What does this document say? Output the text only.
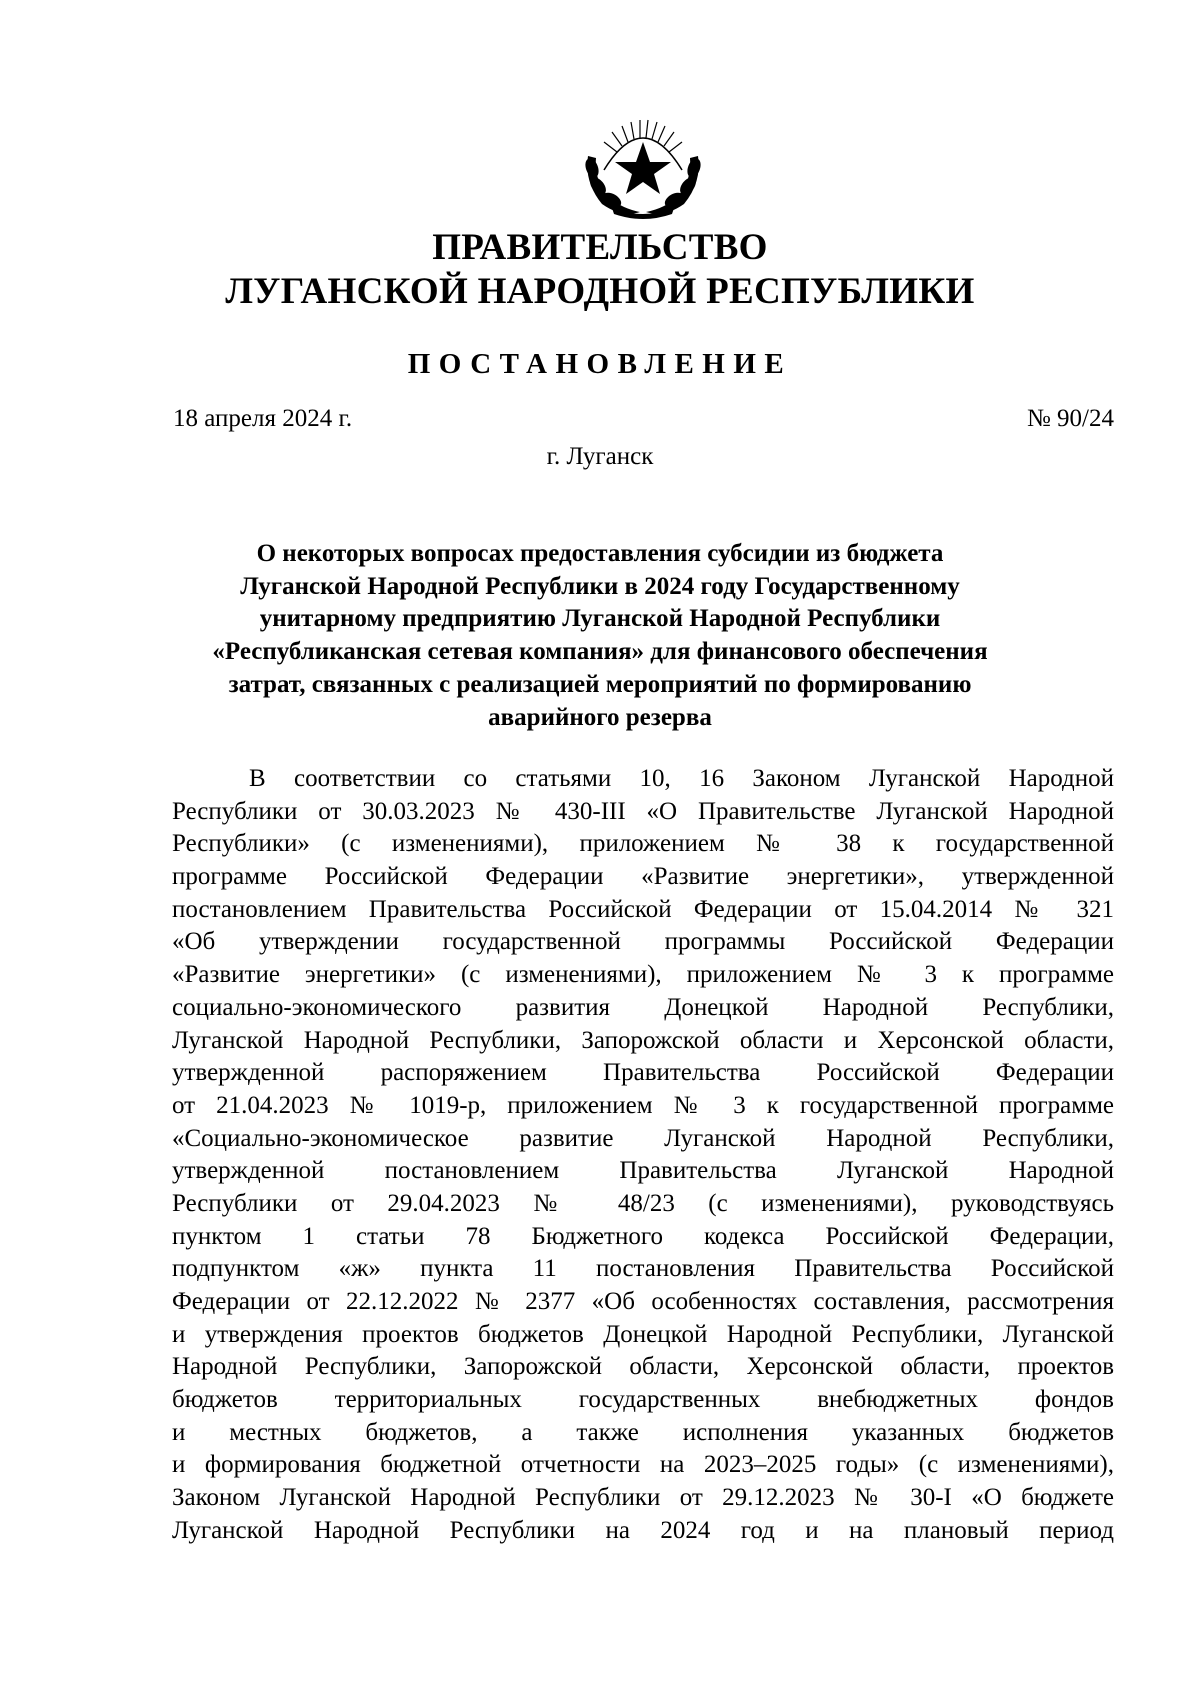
ПРАВИТЕЛЬСТВО
ЛУГАНСКОЙ НАРОДНОЙ РЕСПУБЛИКИ
ПОСТАНОВЛЕНИЕ
18 апреля 2024 г.	№ 90/24
г. Луганск
О некоторых вопросах предоставления субсидии из бюджета
Луганской Народной Республики в 2024 году Государственному
унитарному предприятию Луганской Народной Республики
«Республиканская сетевая компания» для финансового обеспечения
затрат, связанных с реализацией мероприятий по формированию
аварийного резерва
В соответствии со статьями 10, 16 Законом Луганской Народной
Республики от 30.03.2023 № 430-III «О Правительстве Луганской Народной
Республики» (с изменениями), приложением № 38 к государственной
программе Российской Федерации «Развитие энергетики», утвержденной
постановлением Правительства Российской Федерации от 15.04.2014 № 321
«Об утверждении государственной программы Российской Федерации
«Развитие энергетики» (с изменениями), приложением № 3 к программе
социально-экономического развития Донецкой Народной Республики,
Луганской Народной Республики, Запорожской области и Херсонской области,
утвержденной распоряжением Правительства Российской Федерации
от 21.04.2023 № 1019-р, приложением № 3 к государственной программе
«Социально-экономическое развитие Луганской Народной Республики,
утвержденной постановлением Правительства Луганской Народной
Республики от 29.04.2023 № 48/23 (с изменениями), руководствуясь
пунктом 1 статьи 78 Бюджетного кодекса Российской Федерации,
подпунктом «ж» пункта 11 постановления Правительства Российской
Федерации от 22.12.2022 № 2377 «Об особенностях составления, рассмотрения
и утверждения проектов бюджетов Донецкой Народной Республики, Луганской
Народной Республики, Запорожской области, Херсонской области, проектов
бюджетов территориальных государственных внебюджетных фондов
и местных бюджетов, а также исполнения указанных бюджетов
и формирования бюджетной отчетности на 2023–2025 годы» (с изменениями),
Законом Луганской Народной Республики от 29.12.2023 № 30-I «О бюджете
Луганской Народной Республики на 2024 год и на плановый период
